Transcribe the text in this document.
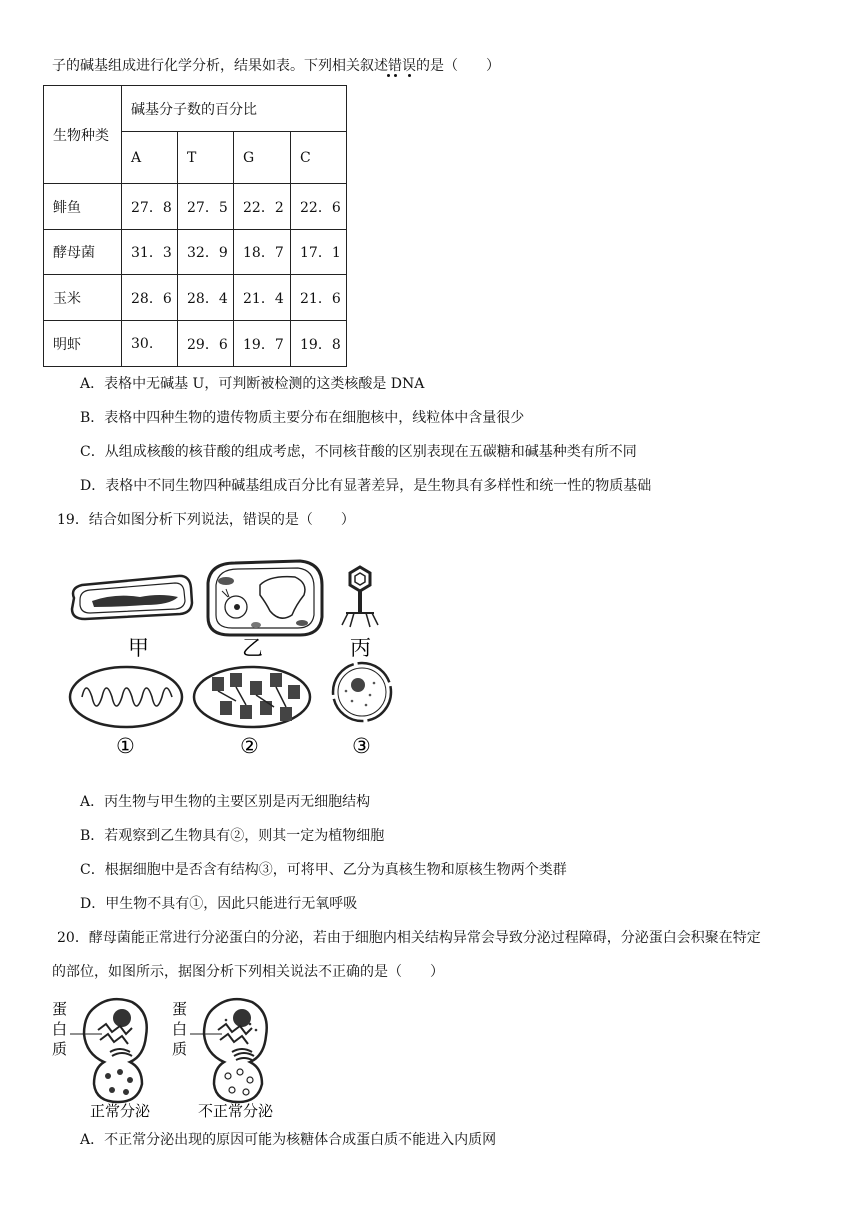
子的碱基组成进行化学分析，结果如表。下列相关叙述错误的是（　　）
生物种类	碱基分子数的百分比			
	A	T	G	C
鲱鱼	27．8	27．5	22．2	22．6
酵母菌	31．3	32．9	18．7	17．1
玉米	28．6	28．4	21．4	21．6
明虾	30.	29．6	19．7	19．8
A．表格中无碱基 U，可判断被检测的这类核酸是 DNA
B．表格中四种生物的遗传物质主要分布在细胞核中，线粒体中含量很少
C．从组成核酸的核苷酸的组成考虑，不同核苷酸的区别表现在五碳糖和碱基种类有所不同
D．表格中不同生物四种碱基组成百分比有显著差异，是生物具有多样性和统一性的物质基础
19．结合如图分析下列说法，错误的是（　　）
甲	乙	丙
①	②	③
A．丙生物与甲生物的主要区别是丙无细胞结构
B．若观察到乙生物具有②，则其一定为植物细胞
C．根据细胞中是否含有结构③，可将甲、乙分为真核生物和原核生物两个类群
D．甲生物不具有①，因此只能进行无氧呼吸
20．酵母菌能正常进行分泌蛋白的分泌，若由于细胞内相关结构异常会导致分泌过程障碍，分泌蛋白会积聚在特定
的部位，如图所示，据图分析下列相关说法不正确的是（　　）
蛋
白
质
蛋
白
质
正常分泌	不正常分泌
A．不正常分泌出现的原因可能为核糖体合成蛋白质不能进入内质网
